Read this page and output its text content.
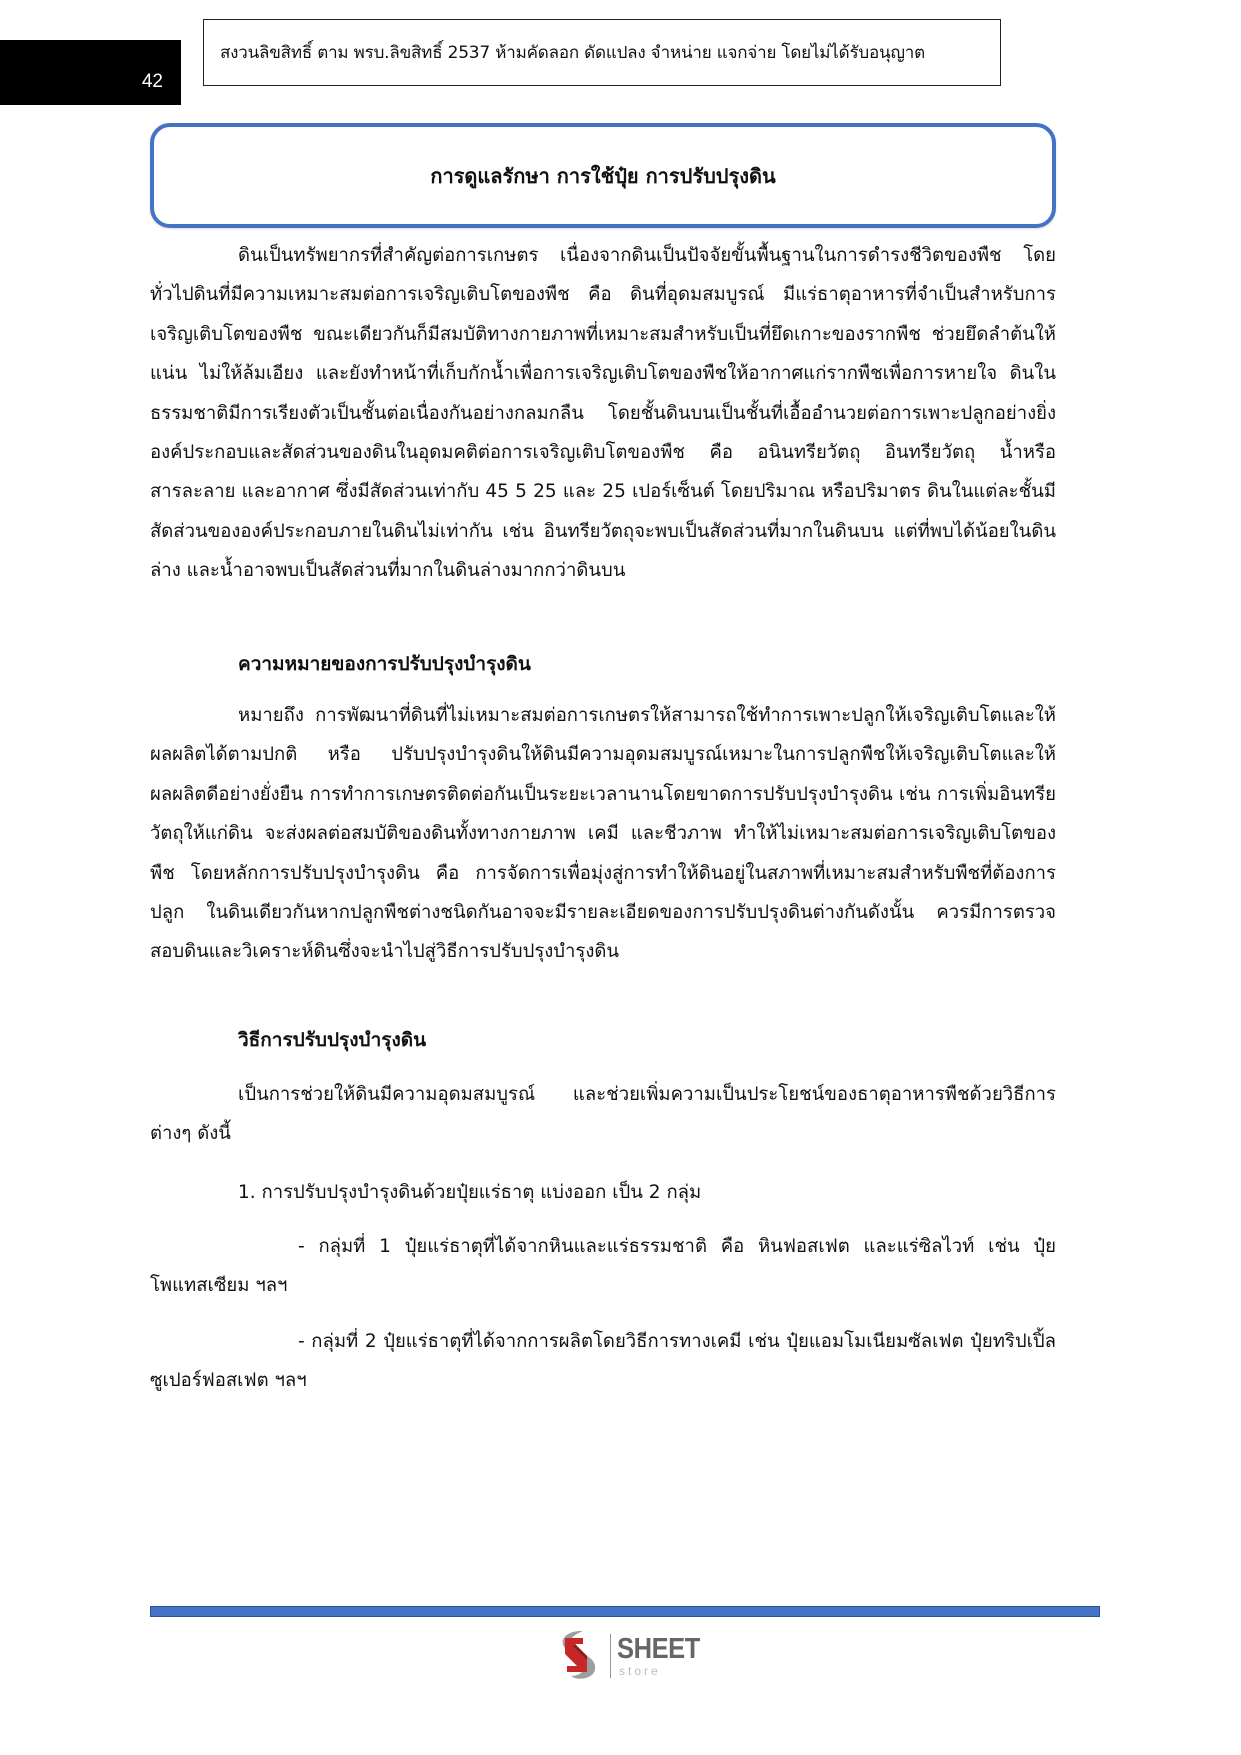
42
สงวนลิขสิทธิ์ ตาม พรบ.ลิขสิทธิ์ 2537 ห้ามคัดลอก ดัดแปลง จำหน่าย แจกจ่าย โดยไม่ได้รับอนุญาต
การดูแลรักษา การใช้ปุ๋ย การปรับปรุงดิน

ดินเป็นทรัพยากรที่สำคัญต่อการเกษตร เนื่องจากดินเป็นปัจจัยขั้นพื้นฐานในการดำรงชีวิตของพืช โดยทั่วไปดินที่มีความเหมาะสมต่อการเจริญเติบโตของพืช คือ ดินที่อุดมสมบูรณ์ มีแร่ธาตุอาหารที่จำเป็นสำหรับการเจริญเติบโตของพืช ขณะเดียวกันก็มีสมบัติทางกายภาพที่เหมาะสมสำหรับเป็นที่ยึดเกาะของรากพืช ช่วยยึดลำต้นให้แน่น ไม่ให้ล้มเอียง และยังทำหน้าที่เก็บกักน้ำเพื่อการเจริญเติบโตของพืชให้อากาศแก่รากพืชเพื่อการหายใจ ดินในธรรมชาติมีการเรียงตัวเป็นชั้นต่อเนื่องกันอย่างกลมกลืน โดยชั้นดินบนเป็นชั้นที่เอื้ออำนวยต่อการเพาะปลูกอย่างยิ่ง องค์ประกอบและสัดส่วนของดินในอุดมคติต่อการเจริญเติบโตของพืช คือ อนินทรียวัตถุ อินทรียวัตถุ น้ำหรือสารละลาย และอากาศ ซึ่งมีสัดส่วนเท่ากับ 45 5 25 และ 25 เปอร์เซ็นต์ โดยปริมาณ หรือปริมาตร ดินในแต่ละชั้นมีสัดส่วนขององค์ประกอบภายในดินไม่เท่ากัน เช่น อินทรียวัตถุจะพบเป็นสัดส่วนที่มากในดินบน แต่ที่พบได้น้อยในดินล่าง และน้ำอาจพบเป็นสัดส่วนที่มากในดินล่างมากกว่าดินบน

ความหมายของการปรับปรุงบำรุงดิน

หมายถึง การพัฒนาที่ดินที่ไม่เหมาะสมต่อการเกษตรให้สามารถใช้ทำการเพาะปลูกให้เจริญเติบโตและให้ผลผลิตได้ตามปกติ หรือ ปรับปรุงบำรุงดินให้ดินมีความอุดมสมบูรณ์เหมาะในการปลูกพืชให้เจริญเติบโตและให้ผลผลิตดีอย่างยั่งยืน การทำการเกษตรติดต่อกันเป็นระยะเวลานานโดยขาดการปรับปรุงบำรุงดิน เช่น การเพิ่มอินทรียวัตถุให้แก่ดิน จะส่งผลต่อสมบัติของดินทั้งทางกายภาพ เคมี และชีวภาพ ทำให้ไม่เหมาะสมต่อการเจริญเติบโตของพืช โดยหลักการปรับปรุงบำรุงดิน คือ การจัดการเพื่อมุ่งสู่การทำให้ดินอยู่ในสภาพที่เหมาะสมสำหรับพืชที่ต้องการปลูก ในดินเดียวกันหากปลูกพืชต่างชนิดกันอาจจะมีรายละเอียดของการปรับปรุงดินต่างกันดังนั้น ควรมีการตรวจสอบดินและวิเคราะห์ดินซึ่งจะนำไปสู่วิธีการปรับปรุงบำรุงดิน

วิธีการปรับปรุงบำรุงดิน

เป็นการช่วยให้ดินมีความอุดมสมบูรณ์ และช่วยเพิ่มความเป็นประโยชน์ของธาตุอาหารพืชด้วยวิธีการต่างๆ ดังนี้

1. การปรับปรุงบำรุงดินด้วยปุ๋ยแร่ธาตุ แบ่งออก เป็น 2 กลุ่ม

- กลุ่มที่ 1 ปุ๋ยแร่ธาตุที่ได้จากหินและแร่ธรรมชาติ คือ หินฟอสเฟต และแร่ซิลไวท์ เช่น ปุ๋ยโพแทสเซียม ฯลฯ

- กลุ่มที่ 2 ปุ๋ยแร่ธาตุที่ได้จากการผลิตโดยวิธีการทางเคมี เช่น ปุ๋ยแอมโมเนียมซัลเฟต ปุ๋ยทริปเปิ้ลซูเปอร์ฟอสเฟต ฯลฯ

SHEET
store
